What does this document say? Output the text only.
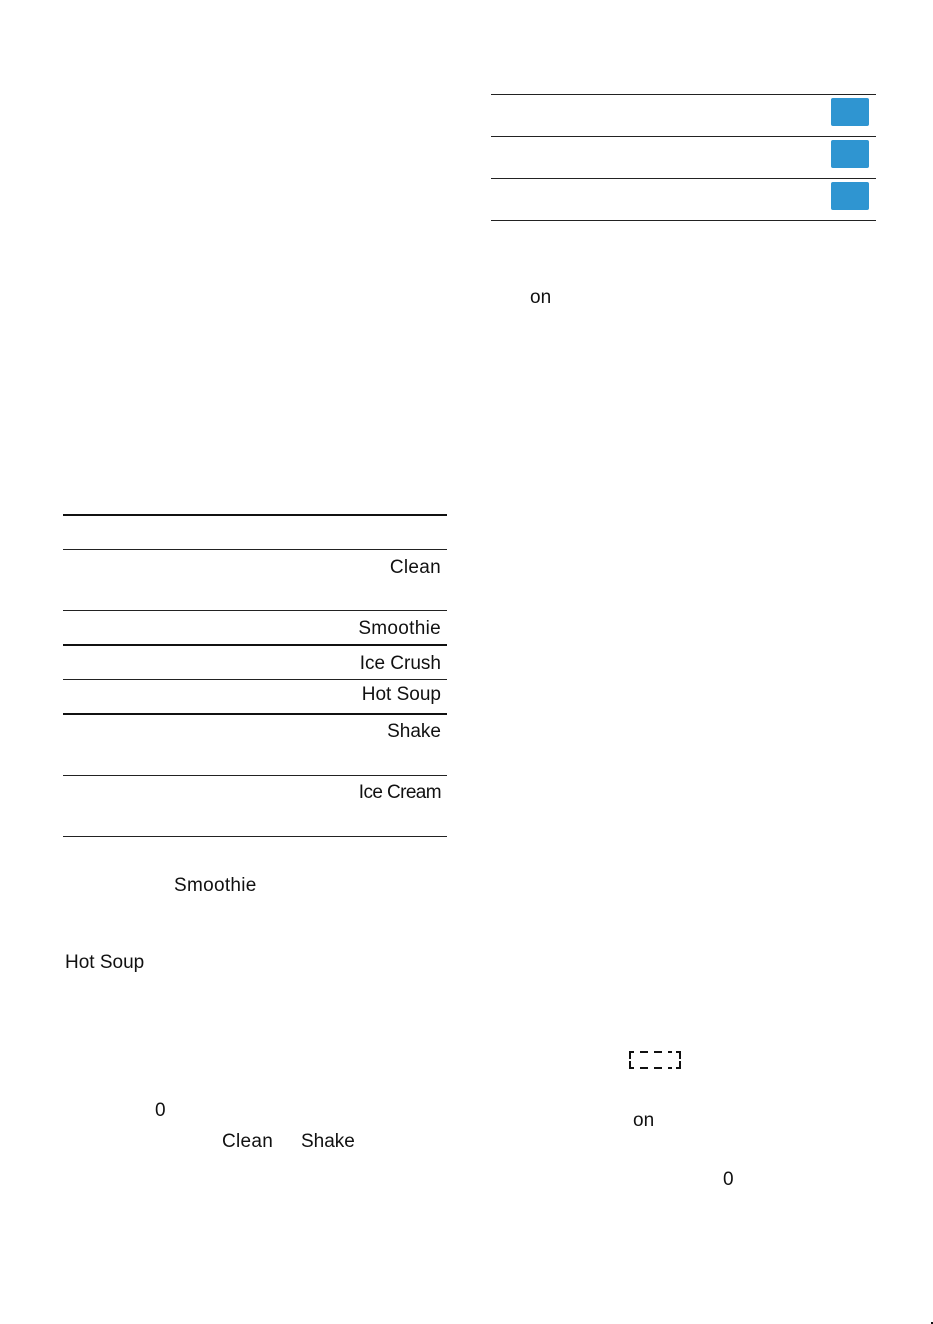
on
Clean
Smoothie
Ice Crush
Hot Soup
Shake
Ice Cream
Smoothie
Hot Soup
0
Clean Shake
on
0
